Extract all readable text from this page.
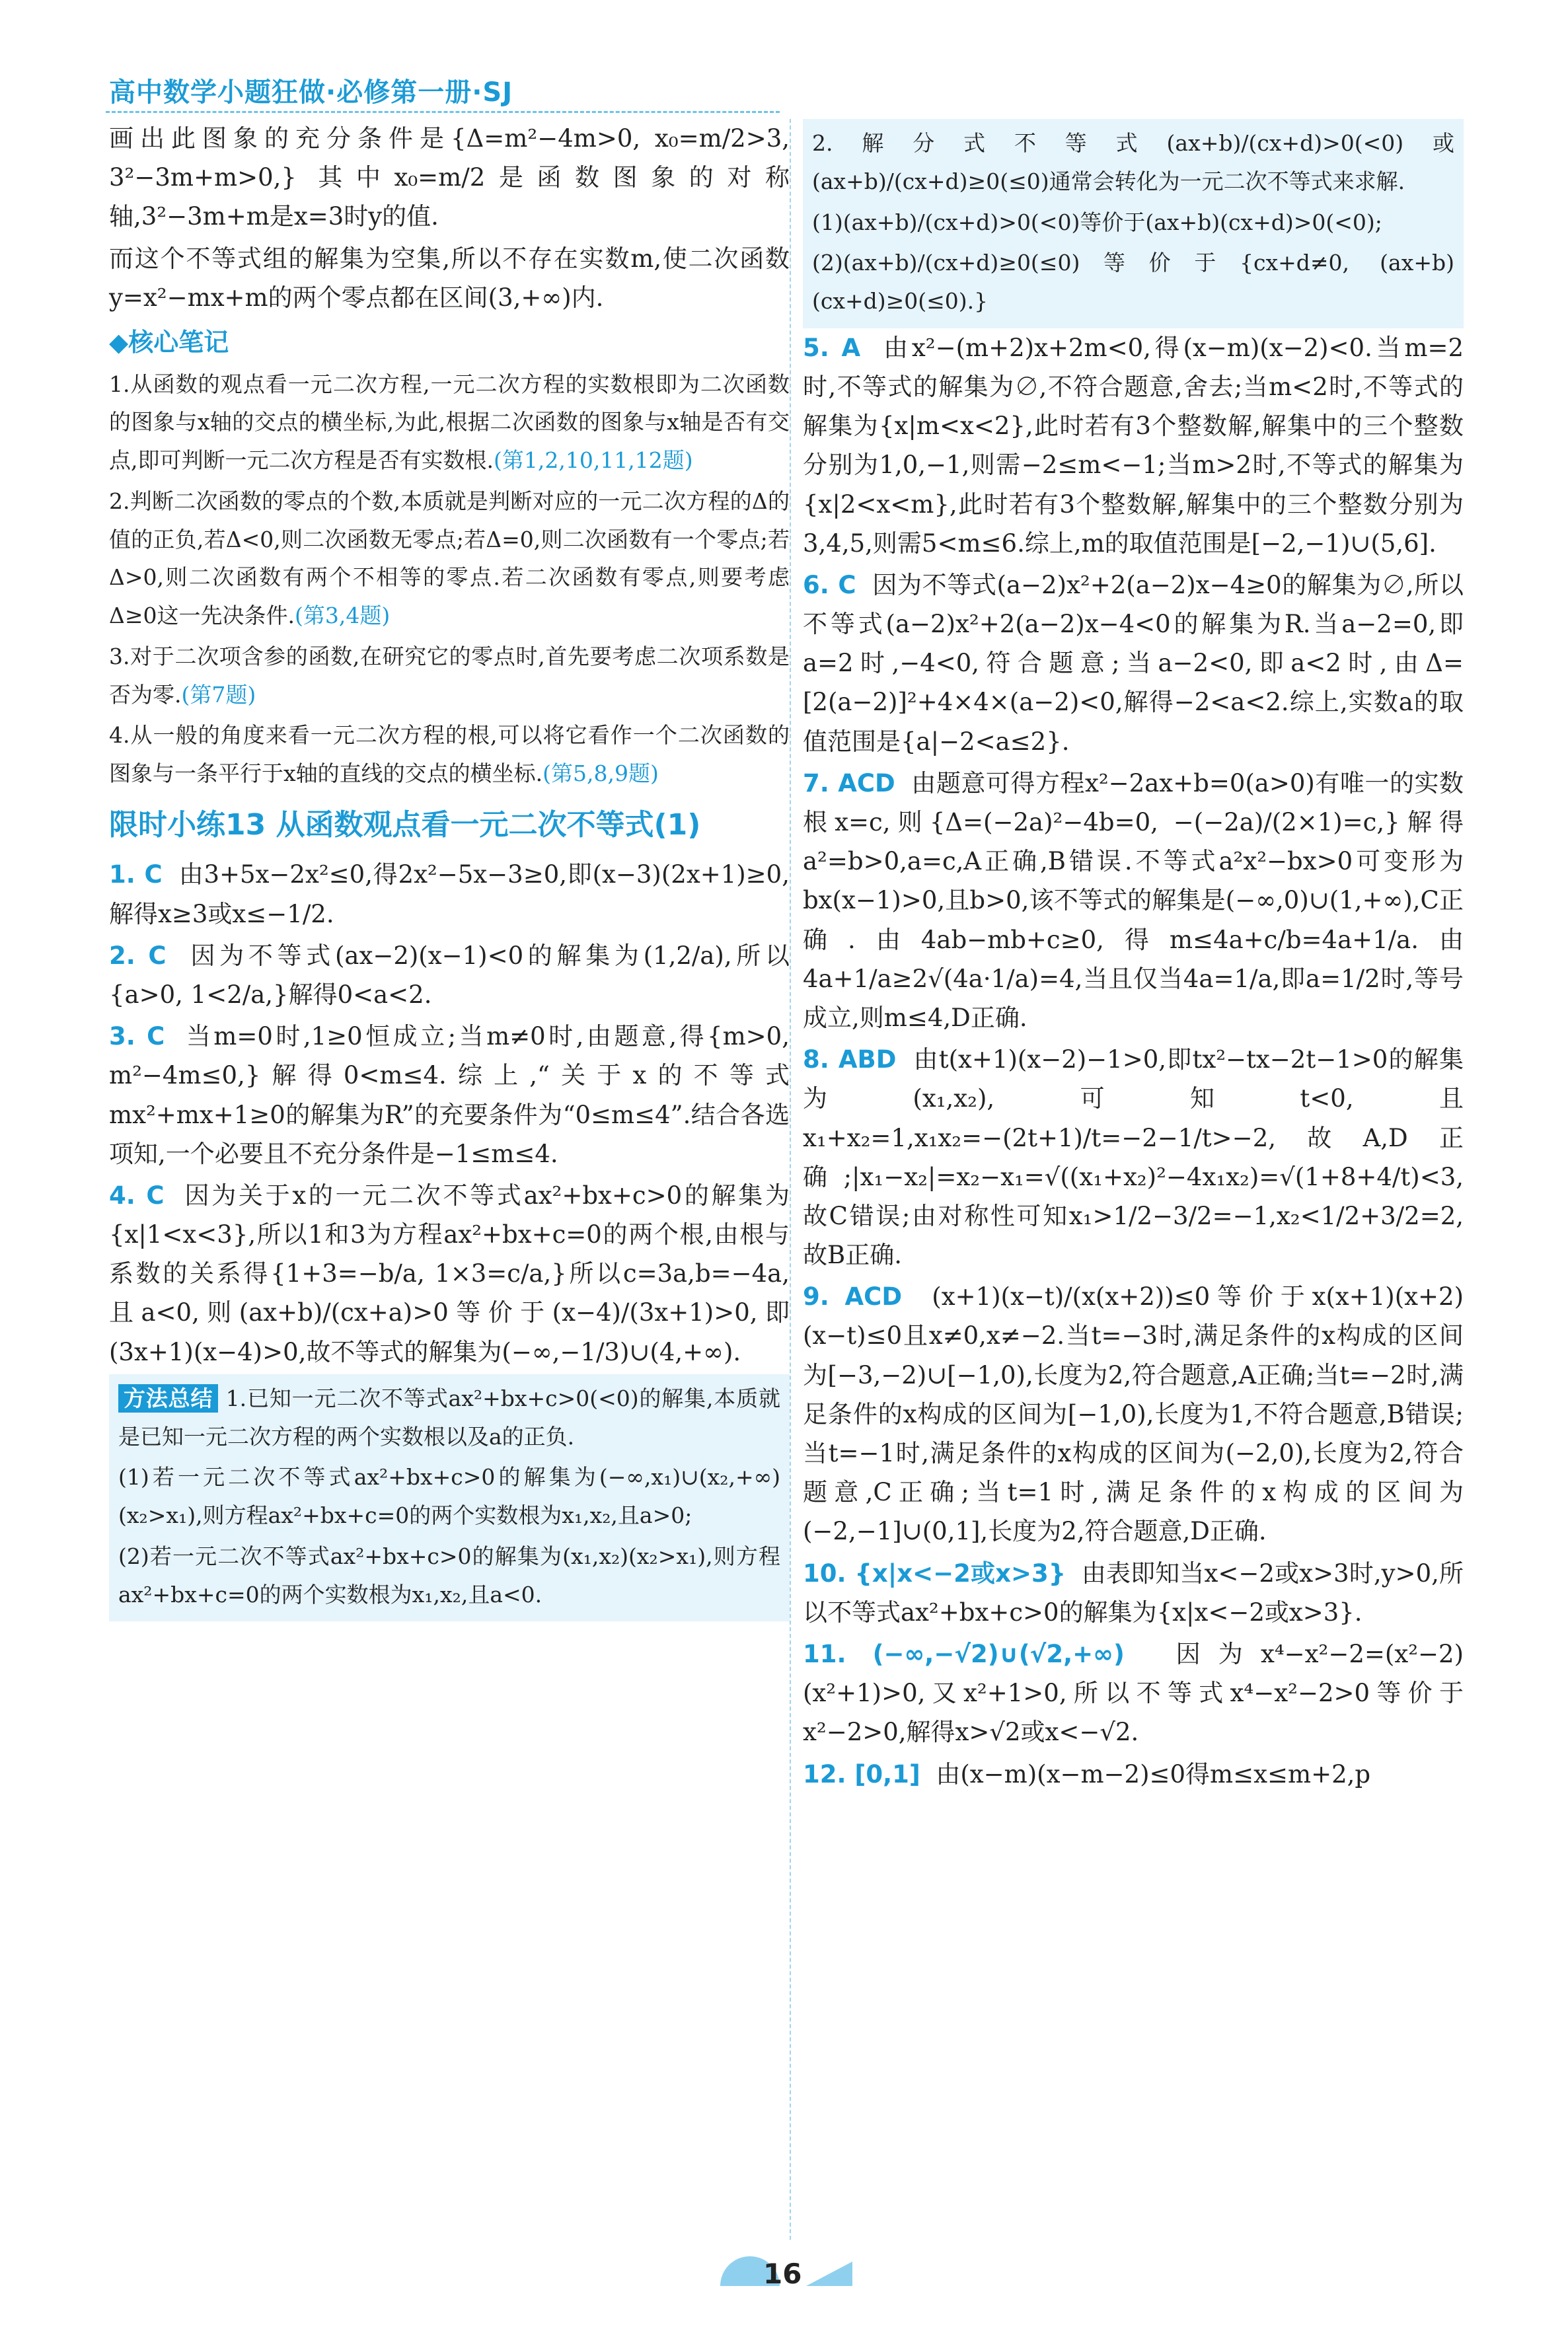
高中数学小题狂做·必修第一册·SJ

画出此图象的充分条件是{Δ=m²−4m>0, x₀=m/2>3, 3²−3m+m>0,} 其中x₀=m/2是函数图象的对称轴,3²−3m+m是x=3时y的值.

而这个不等式组的解集为空集,所以不存在实数m,使二次函数y=x²−mx+m的两个零点都在区间(3,+∞)内.

◆核心笔记

1.从函数的观点看一元二次方程,一元二次方程的实数根即为二次函数的图象与x轴的交点的横坐标,为此,根据二次函数的图象与x轴是否有交点,即可判断一元二次方程是否有实数根.(第1,2,10,11,12题)

2.判断二次函数的零点的个数,本质就是判断对应的一元二次方程的Δ的值的正负,若Δ<0,则二次函数无零点;若Δ=0,则二次函数有一个零点;若Δ>0,则二次函数有两个不相等的零点.若二次函数有零点,则要考虑Δ≥0这一先决条件.(第3,4题)

3.对于二次项含参的函数,在研究它的零点时,首先要考虑二次项系数是否为零.(第7题)

4.从一般的角度来看一元二次方程的根,可以将它看作一个二次函数的图象与一条平行于x轴的直线的交点的横坐标.(第5,8,9题)

限时小练13 从函数观点看一元二次不等式(1)

1. C 由3+5x−2x²≤0,得2x²−5x−3≥0,即(x−3)(2x+1)≥0,解得x≥3或x≤−1/2.

2. C 因为不等式(ax−2)(x−1)<0的解集为(1,2/a),所以{a>0, 1<2/a,}解得0<a<2.

3. C 当m=0时,1≥0恒成立;当m≠0时,由题意,得{m>0, m²−4m≤0,}解得0<m≤4.综上,“关于x的不等式mx²+mx+1≥0的解集为R”的充要条件为“0≤m≤4”.结合各选项知,一个必要且不充分条件是−1≤m≤4.

4. C 因为关于x的一元二次不等式ax²+bx+c>0的解集为{x|1<x<3},所以1和3为方程ax²+bx+c=0的两个根,由根与系数的关系得{1+3=−b/a, 1×3=c/a,}所以c=3a,b=−4a,且a<0,则(ax+b)/(cx+a)>0等价于(x−4)/(3x+1)>0,即(3x+1)(x−4)>0,故不等式的解集为(−∞,−1/3)∪(4,+∞).

方法总结 1.已知一元二次不等式ax²+bx+c>0(<0)的解集,本质就是已知一元二次方程的两个实数根以及a的正负.

(1)若一元二次不等式ax²+bx+c>0的解集为(−∞,x₁)∪(x₂,+∞)(x₂>x₁),则方程ax²+bx+c=0的两个实数根为x₁,x₂,且a>0;

(2)若一元二次不等式ax²+bx+c>0的解集为(x₁,x₂)(x₂>x₁),则方程ax²+bx+c=0的两个实数根为x₁,x₂,且a<0.

2.解分式不等式(ax+b)/(cx+d)>0(<0)或(ax+b)/(cx+d)≥0(≤0)通常会转化为一元二次不等式来求解.

(1)(ax+b)/(cx+d)>0(<0)等价于(ax+b)(cx+d)>0(<0);

(2)(ax+b)/(cx+d)≥0(≤0)等价于{cx+d≠0, (ax+b)(cx+d)≥0(≤0).}

5. A 由x²−(m+2)x+2m<0,得(x−m)(x−2)<0.当m=2时,不等式的解集为∅,不符合题意,舍去;当m<2时,不等式的解集为{x|m<x<2},此时若有3个整数解,解集中的三个整数分别为1,0,−1,则需−2≤m<−1;当m>2时,不等式的解集为{x|2<x<m},此时若有3个整数解,解集中的三个整数分别为3,4,5,则需5<m≤6.综上,m的取值范围是[−2,−1)∪(5,6].

6. C 因为不等式(a−2)x²+2(a−2)x−4≥0的解集为∅,所以不等式(a−2)x²+2(a−2)x−4<0的解集为R.当a−2=0,即a=2时,−4<0,符合题意;当a−2<0,即a<2时,由Δ=[2(a−2)]²+4×4×(a−2)<0,解得−2<a<2.综上,实数a的取值范围是{a|−2<a≤2}.

7. ACD 由题意可得方程x²−2ax+b=0(a>0)有唯一的实数根x=c,则{Δ=(−2a)²−4b=0, −(−2a)/(2×1)=c,}解得a²=b>0,a=c,A正确,B错误.不等式a²x²−bx>0可变形为bx(x−1)>0,且b>0,该不等式的解集是(−∞,0)∪(1,+∞),C正确.由4ab−mb+c≥0,得m≤4a+c/b=4a+1/a.由4a+1/a≥2√(4a·1/a)=4,当且仅当4a=1/a,即a=1/2时,等号成立,则m≤4,D正确.

8. ABD 由t(x+1)(x−2)−1>0,即tx²−tx−2t−1>0的解集为(x₁,x₂),可知t<0,且x₁+x₂=1,x₁x₂=−(2t+1)/t=−2−1/t>−2,故A,D正确;|x₁−x₂|=x₂−x₁=√((x₁+x₂)²−4x₁x₂)=√(1+8+4/t)<3,故C错误;由对称性可知x₁>1/2−3/2=−1,x₂<1/2+3/2=2,故B正确.

9. ACD (x+1)(x−t)/(x(x+2))≤0等价于x(x+1)(x+2)(x−t)≤0且x≠0,x≠−2.当t=−3时,满足条件的x构成的区间为[−3,−2)∪[−1,0),长度为2,符合题意,A正确;当t=−2时,满足条件的x构成的区间为[−1,0),长度为1,不符合题意,B错误;当t=−1时,满足条件的x构成的区间为(−2,0),长度为2,符合题意,C正确;当t=1时,满足条件的x构成的区间为(−2,−1]∪(0,1],长度为2,符合题意,D正确.

10. {x|x<−2或x>3} 由表即知当x<−2或x>3时,y>0,所以不等式ax²+bx+c>0的解集为{x|x<−2或x>3}.

11. (−∞,−√2)∪(√2,+∞) 因为x⁴−x²−2=(x²−2)(x²+1)>0,又x²+1>0,所以不等式x⁴−x²−2>0等价于x²−2>0,解得x>√2或x<−√2.

12. [0,1] 由(x−m)(x−m−2)≤0得m≤x≤m+2,p

16
